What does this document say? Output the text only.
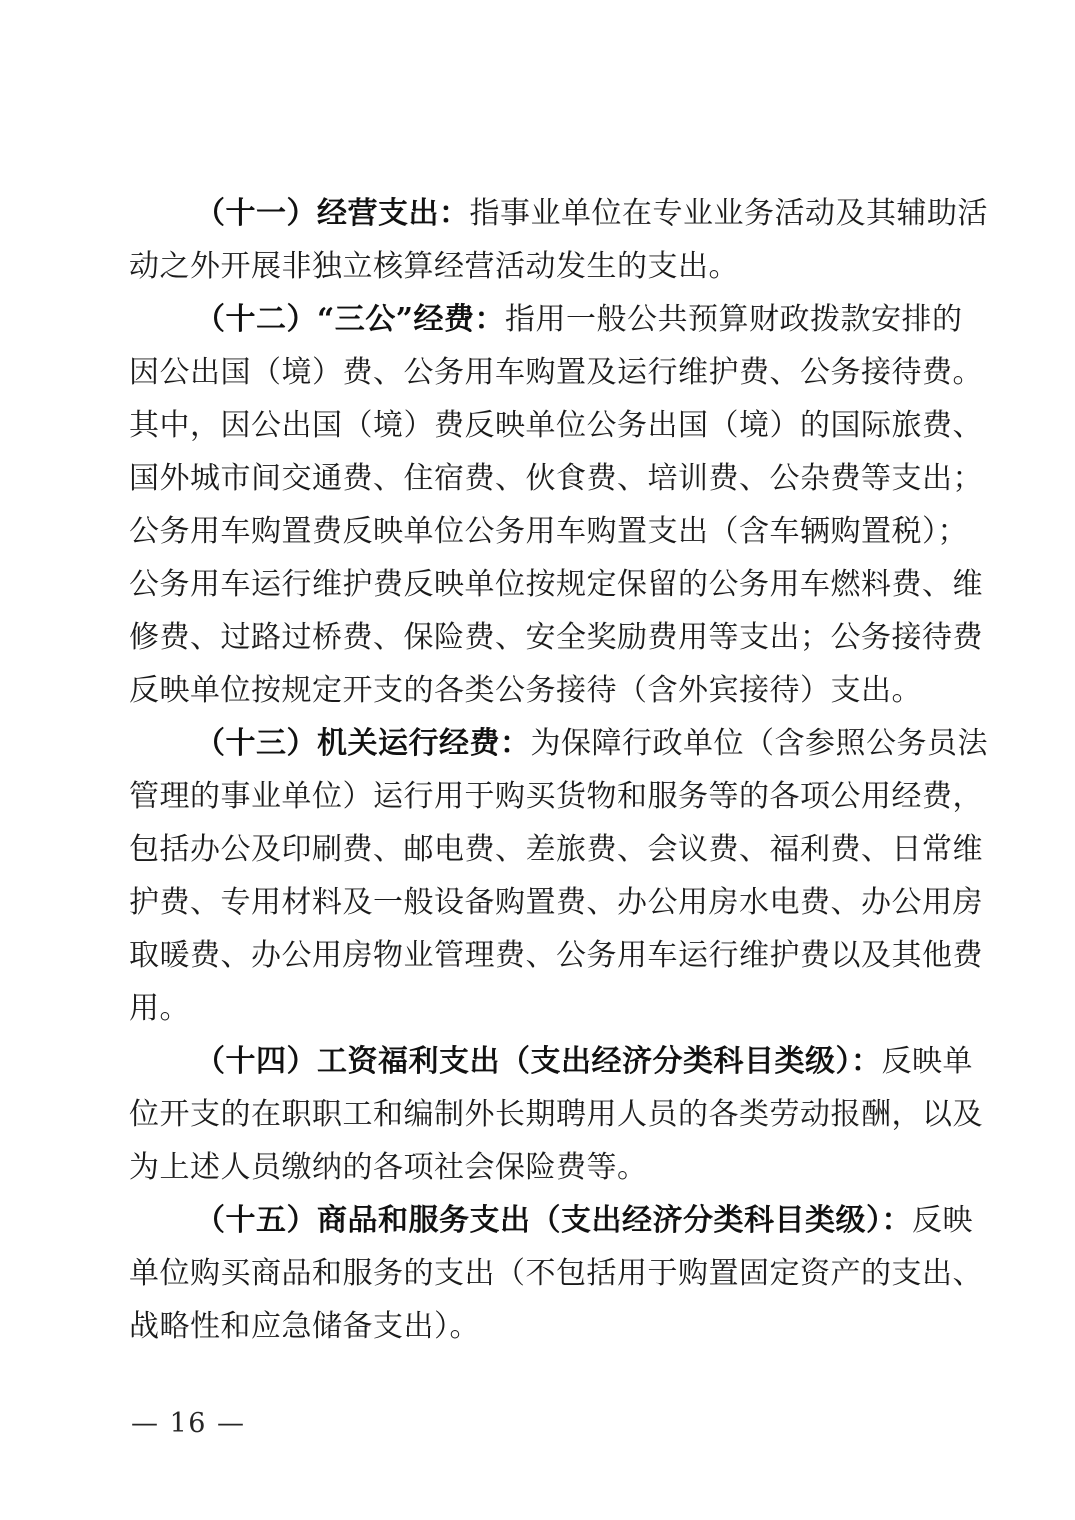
（十一）经营支出：指事业单位在专业业务活动及其辅助活
动之外开展非独立核算经营活动发生的支出。
（十二）“三公”经费：指用一般公共预算财政拨款安排的
因公出国（境）费、公务用车购置及运行维护费、公务接待费。
其中，因公出国（境）费反映单位公务出国（境）的国际旅费、
国外城市间交通费、住宿费、伙食费、培训费、公杂费等支出；
公务用车购置费反映单位公务用车购置支出（含车辆购置税）；
公务用车运行维护费反映单位按规定保留的公务用车燃料费、维
修费、过路过桥费、保险费、安全奖励费用等支出；公务接待费
反映单位按规定开支的各类公务接待（含外宾接待）支出。
（十三）机关运行经费：为保障行政单位（含参照公务员法
管理的事业单位）运行用于购买货物和服务等的各项公用经费，
包括办公及印刷费、邮电费、差旅费、会议费、福利费、日常维
护费、专用材料及一般设备购置费、办公用房水电费、办公用房
取暖费、办公用房物业管理费、公务用车运行维护费以及其他费
用。
（十四）工资福利支出（支出经济分类科目类级）：反映单
位开支的在职职工和编制外长期聘用人员的各类劳动报酬，以及
为上述人员缴纳的各项社会保险费等。
（十五）商品和服务支出（支出经济分类科目类级）：反映
单位购买商品和服务的支出（不包括用于购置固定资产的支出、
战略性和应急储备支出）。
— 16 —
